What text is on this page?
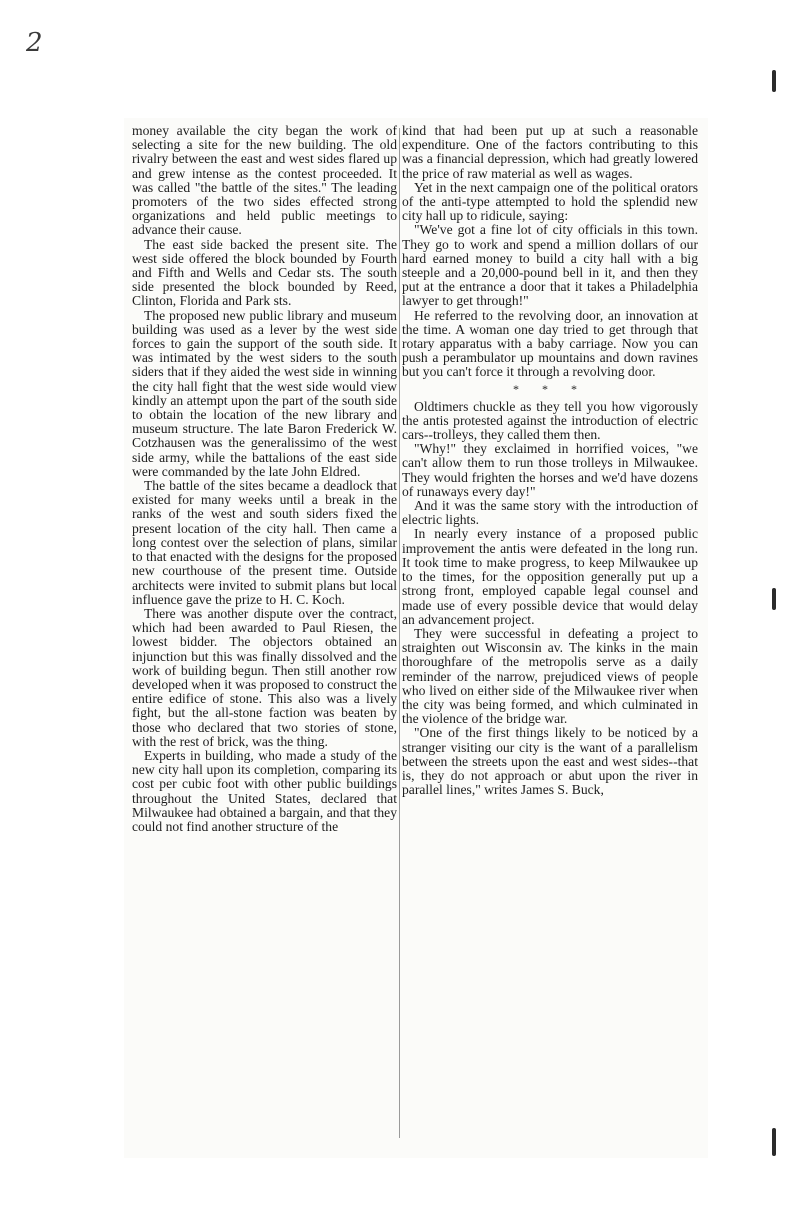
2

money available the city began the work of selecting a site for the new building. The old rivalry between the east and west sides flared up and grew intense as the contest proceeded. It was called "the battle of the sites." The leading promoters of the two sides effected strong organizations and held public meetings to advance their cause.

The east side backed the present site. The west side offered the block bounded by Fourth and Fifth and Wells and Cedar sts. The south side presented the block bounded by Reed, Clinton, Florida and Park sts.

The proposed new public library and museum building was used as a lever by the west side forces to gain the support of the south side. It was intimated by the west siders to the south siders that if they aided the west side in winning the city hall fight that the west side would view kindly an attempt upon the part of the south side to obtain the location of the new library and museum structure. The late Baron Frederick W. Cotzhausen was the generalissimo of the west side army, while the battalions of the east side were commanded by the late John Eldred.

The battle of the sites became a deadlock that existed for many weeks until a break in the ranks of the west and south siders fixed the present location of the city hall. Then came a long contest over the selection of plans, similar to that enacted with the designs for the proposed new courthouse of the present time. Outside architects were invited to submit plans but local influence gave the prize to H. C. Koch.

There was another dispute over the contract, which had been awarded to Paul Riesen, the lowest bidder. The objectors obtained an injunction but this was finally dissolved and the work of building begun. Then still another row developed when it was proposed to construct the entire edifice of stone. This also was a lively fight, but the all-stone faction was beaten by those who declared that two stories of stone, with the rest of brick, was the thing.

Experts in building, who made a study of the new city hall upon its completion, comparing its cost per cubic foot with other public buildings throughout the United States, declared that Milwaukee had obtained a bargain, and that they could not find another structure of the

kind that had been put up at such a reasonable expenditure. One of the factors contributing to this was a financial depression, which had greatly lowered the price of raw material as well as wages.

Yet in the next campaign one of the political orators of the anti-type attempted to hold the splendid new city hall up to ridicule, saying:

"We've got a fine lot of city officials in this town. They go to work and spend a million dollars of our hard earned money to build a city hall with a big steeple and a 20,000-pound bell in it, and then they put at the entrance a door that it takes a Philadelphia lawyer to get through!"

He referred to the revolving door, an innovation at the time. A woman one day tried to get through that rotary apparatus with a baby carriage. Now you can push a perambulator up mountains and down ravines but you can't force it through a revolving door.

* * *

Oldtimers chuckle as they tell you how vigorously the antis protested against the introduction of electric cars--trolleys, they called them then.

"Why!" they exclaimed in horrified voices, "we can't allow them to run those trolleys in Milwaukee. They would frighten the horses and we'd have dozens of runaways every day!"

And it was the same story with the introduction of electric lights.

In nearly every instance of a proposed public improvement the antis were defeated in the long run. It took time to make progress, to keep Milwaukee up to the times, for the opposition generally put up a strong front, employed capable legal counsel and made use of every possible device that would delay an advancement project.

They were successful in defeating a project to straighten out Wisconsin av. The kinks in the main thoroughfare of the metropolis serve as a daily reminder of the narrow, prejudiced views of people who lived on either side of the Milwaukee river when the city was being formed, and which culminated in the violence of the bridge war.

"One of the first things likely to be noticed by a stranger visiting our city is the want of a parallelism between the streets upon the east and west sides--that is, they do not approach or abut upon the river in parallel lines," writes James S. Buck,
